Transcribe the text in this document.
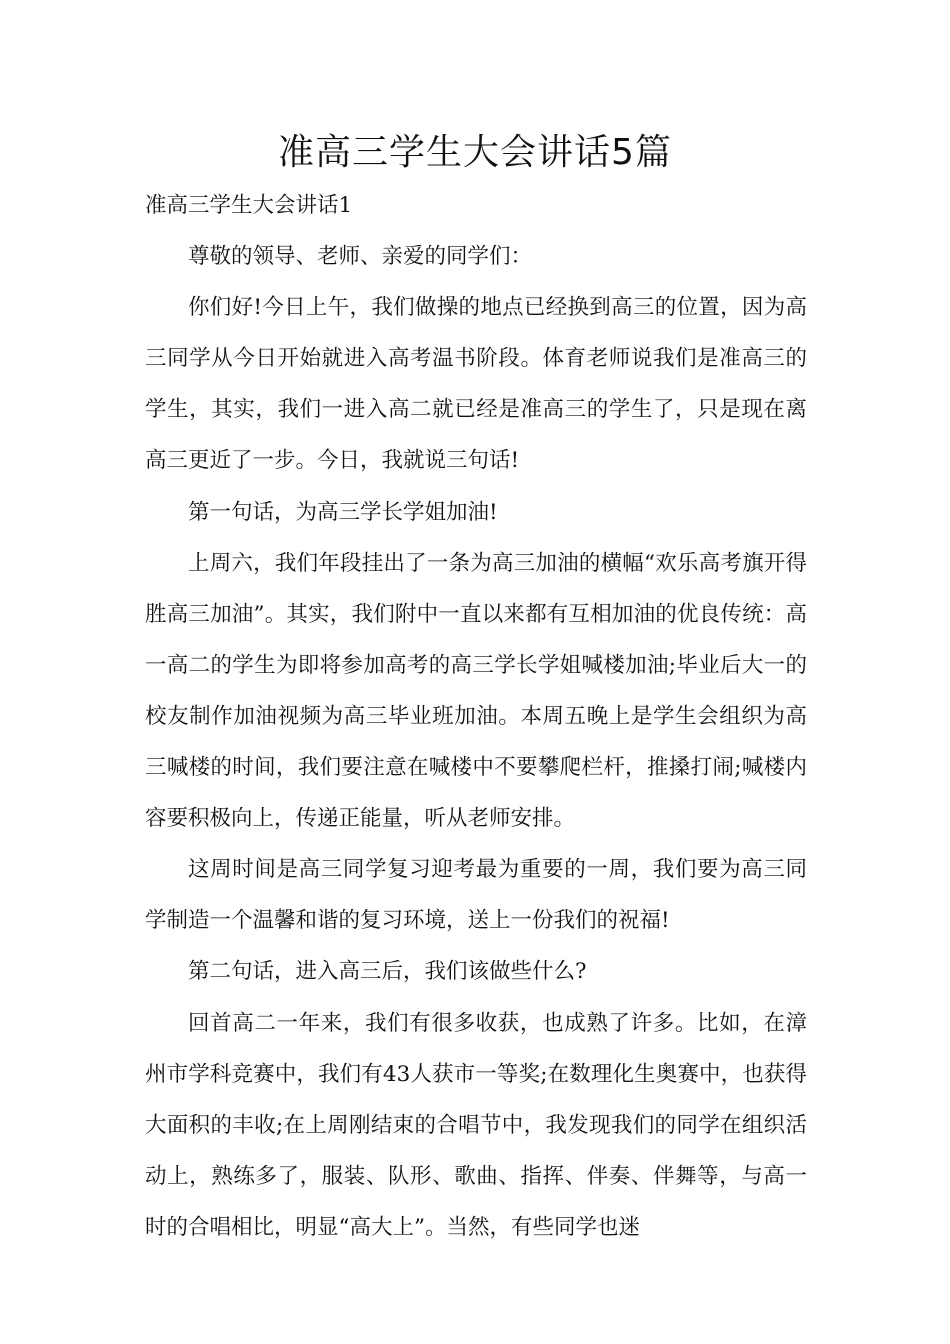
准高三学生大会讲话5篇

准高三学生大会讲话1

尊敬的领导、老师、亲爱的同学们：

你们好!今日上午，我们做操的地点已经换到高三的位置，因为高三同学从今日开始就进入高考温书阶段。体育老师说我们是准高三的学生，其实，我们一进入高二就已经是准高三的学生了，只是现在离高三更近了一步。今日，我就说三句话!

第一句话，为高三学长学姐加油!

上周六，我们年段挂出了一条为高三加油的横幅“欢乐高考旗开得胜高三加油”。其实，我们附中一直以来都有互相加油的优良传统：高一高二的学生为即将参加高考的高三学长学姐喊楼加油;毕业后大一的校友制作加油视频为高三毕业班加油。本周五晚上是学生会组织为高三喊楼的时间，我们要注意在喊楼中不要攀爬栏杆，推搡打闹;喊楼内容要积极向上，传递正能量，听从老师安排。

这周时间是高三同学复习迎考最为重要的一周，我们要为高三同学制造一个温馨和谐的复习环境，送上一份我们的祝福!

第二句话，进入高三后，我们该做些什么?

回首高二一年来，我们有很多收获，也成熟了许多。比如，在漳州市学科竞赛中，我们有43人获市一等奖;在数理化生奥赛中，也获得大面积的丰收;在上周刚结束的合唱节中，我发现我们的同学在组织活动上，熟练多了，服装、队形、歌曲、指挥、伴奏、伴舞等，与高一时的合唱相比，明显“高大上”。当然，有些同学也迷
